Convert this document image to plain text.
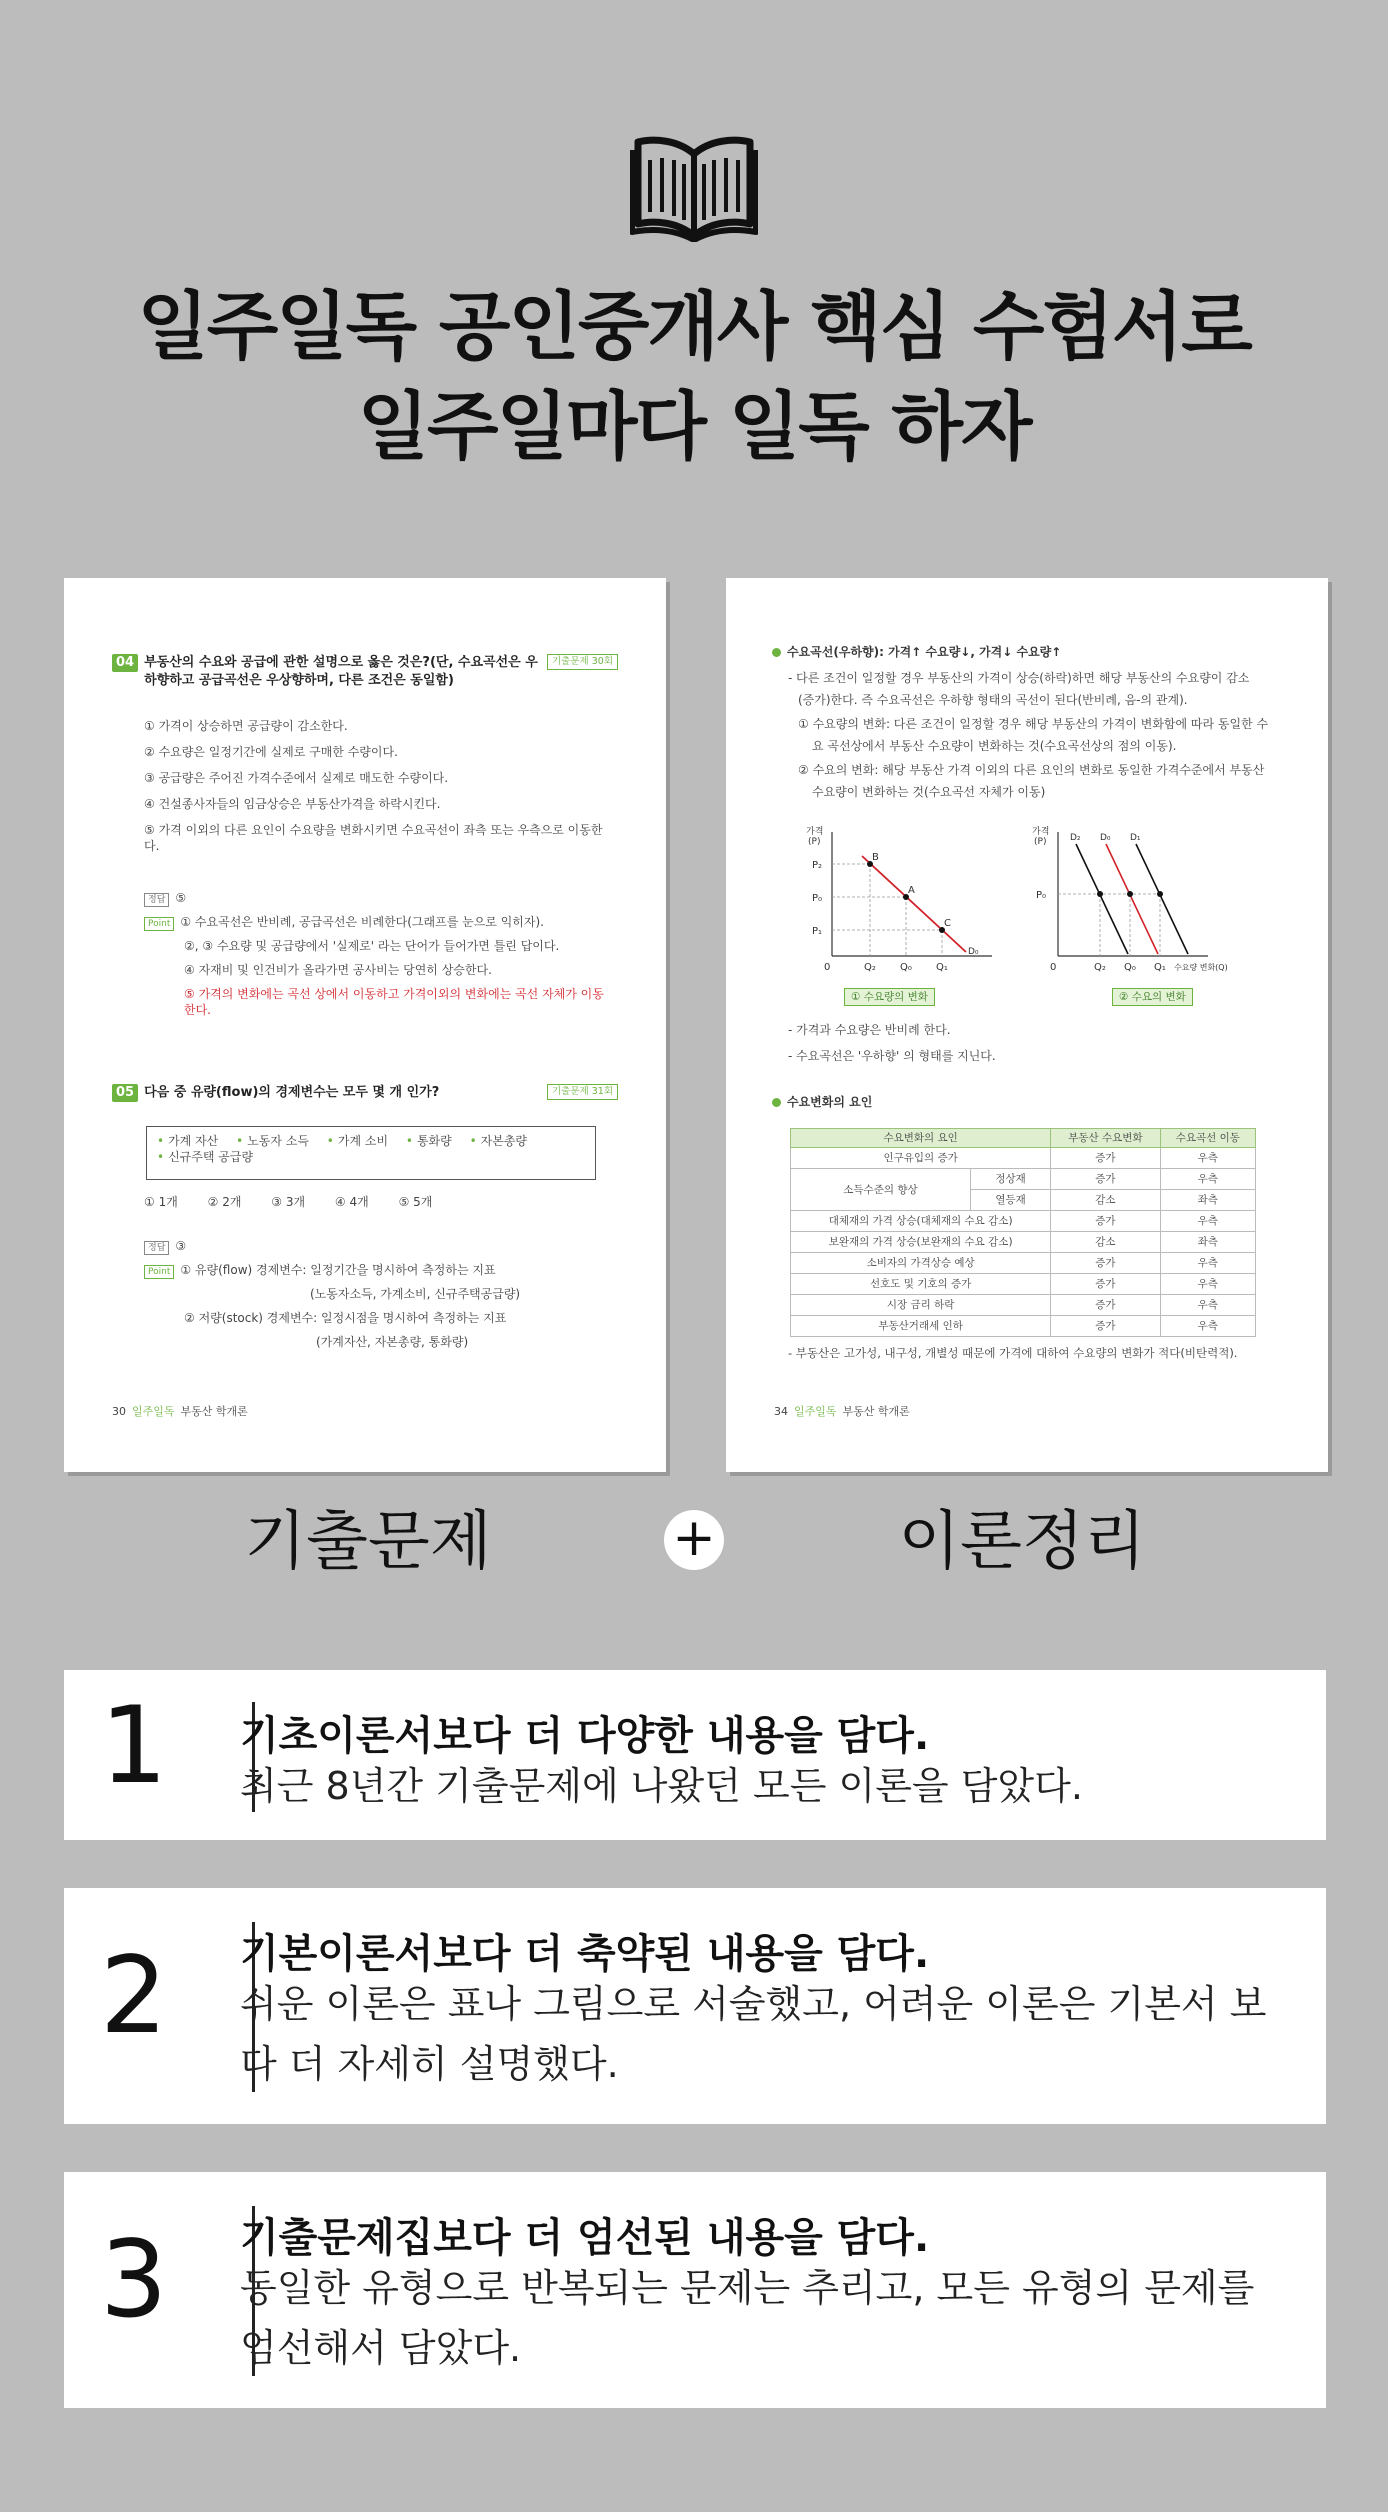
일주일독 공인중개사 핵심 수험서로
일주일마다 일독 하자
04 부동산의 수요와 공급에 관한 설명으로 옳은 것은?(단, 수요곡선은 우하향하고 공급곡선은 우상향하며, 다른 조건은 동일함)
기출문제 30회
① 가격이 상승하면 공급량이 감소한다.
② 수요량은 일정기간에 실제로 구매한 수량이다.
③ 공급량은 주어진 가격수준에서 실제로 매도한 수량이다.
④ 건설종사자들의 임금상승은 부동산가격을 하락시킨다.
⑤ 가격 이외의 다른 요인이 수요량을 변화시키면 수요곡선이 좌측 또는 우측으로 이동한다.
정답 ⑤
Point ① 수요곡선은 반비례, 공급곡선은 비례한다(그래프를 눈으로 익히자).
②, ③ 수요량 및 공급량에서 '실제로' 라는 단어가 들어가면 틀린 답이다.
④ 자재비 및 인건비가 올라가면 공사비는 당연히 상승한다.
⑤ 가격의 변화에는 곡선 상에서 이동하고 가격이외의 변화에는 곡선 자체가 이동한다.
05 다음 중 유량(flow)의 경제변수는 모두 몇 개 인가?	기출문제 31회
• 가계 자산 • 노동자 소득 • 가계 소비 • 통화량 • 자본총량
• 신규주택 공급량
① 1개 ② 2개 ③ 3개 ④ 4개 ⑤ 5개
정답 ③
Point ① 유량(flow) 경제변수: 일정기간을 명시하여 측정하는 지표
(노동자소득, 가계소비, 신규주택공급량)
② 저량(stock) 경제변수: 일정시점을 명시하여 측정하는 지표
(가계자산, 자본총량, 통화량)
30 일주일독 부동산 학개론
수요곡선(우하향): 가격↑ 수요량↓, 가격↓ 수요량↑
- 다른 조건이 일정할 경우 부동산의 가격이 상승(하락)하면 해당 부동산의 수요량이 감소
(증가)한다. 즉 수요곡선은 우하향 형태의 곡선이 된다(반비례, 음-의 관계).
① 수요량의 변화: 다른 조건이 일정할 경우 해당 부동산의 가격이 변화함에 따라 동일한 수
요 곡선상에서 부동산 수요량이 변화하는 것(수요곡선상의 점의 이동).
② 수요의 변화: 해당 부동산 가격 이외의 다른 요인의 변화로 동일한 가격수준에서 부동산
수요량이 변화하는 것(수요곡선 자체가 이동)
가격
(P)
B
A
C
D₀
P₂
P₀
P₁
0	Q₂ Q₀ Q₁
① 수요량의 변화
가격
(P)	D₂ D₀ D₁
P₀
0	Q₂ Q₀ Q₁ 수요량 변화(Q)
② 수요의 변화
- 가격과 수요량은 반비례 한다.
- 수요곡선은 '우하향' 의 형태를 지닌다.
수요변화의 요인
수요변화의 요인		부동산 수요변화	수요곡선 이동
인구유입의 증가		증가	우측
소득수준의 향상	정상재	증가	우측
	열등재	감소	좌측
대체재의 가격 상승(대체재의 수요 감소)		증가	우측
보완재의 가격 상승(보완재의 수요 감소)		감소	좌측
소비자의 가격상승 예상		증가	우측
선호도 및 기호의 증가		증가	우측
시장 금리 하락		증가	우측
부동산거래세 인하		증가	우측
- 부동산은 고가성, 내구성, 개별성 때문에 가격에 대하여 수요량의 변화가 적다(비탄력적).
34 일주일독 부동산 학개론
기출문제	+	이론정리
1	기초이론서보다 더 다양한 내용을 담다.
최근 8년간 기출문제에 나왔던 모든 이론을 담았다.
2	기본이론서보다 더 축약된 내용을 담다.
쉬운 이론은 표나 그림으로 서술했고, 어려운 이론은 기본서 보다 더 자세히 설명했다.
3	기출문제집보다 더 엄선된 내용을 담다.
동일한 유형으로 반복되는 문제는 추리고, 모든 유형의 문제를 엄선해서 담았다.
